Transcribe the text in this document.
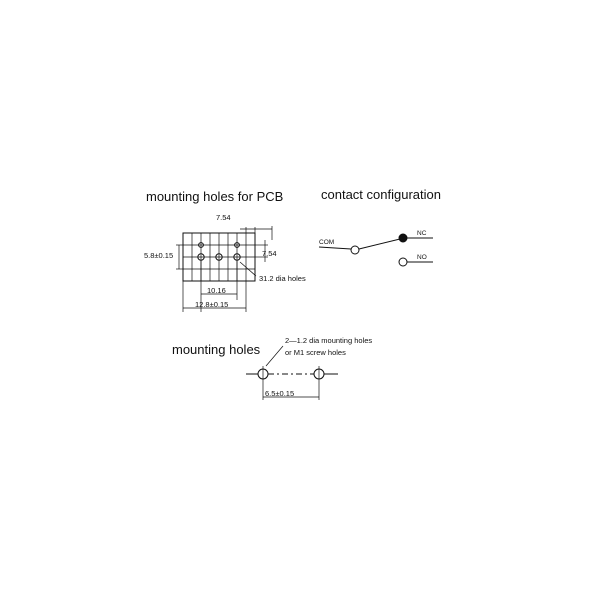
mounting holes for PCB
7.54
7.54
5.8±0.15
31.2 dia holes
10.16
12.8±0.15
contact configuration
COM
NC
NO
mounting holes
2—1.2 dia mounting holes
or M1 screw holes
6.5±0.15
